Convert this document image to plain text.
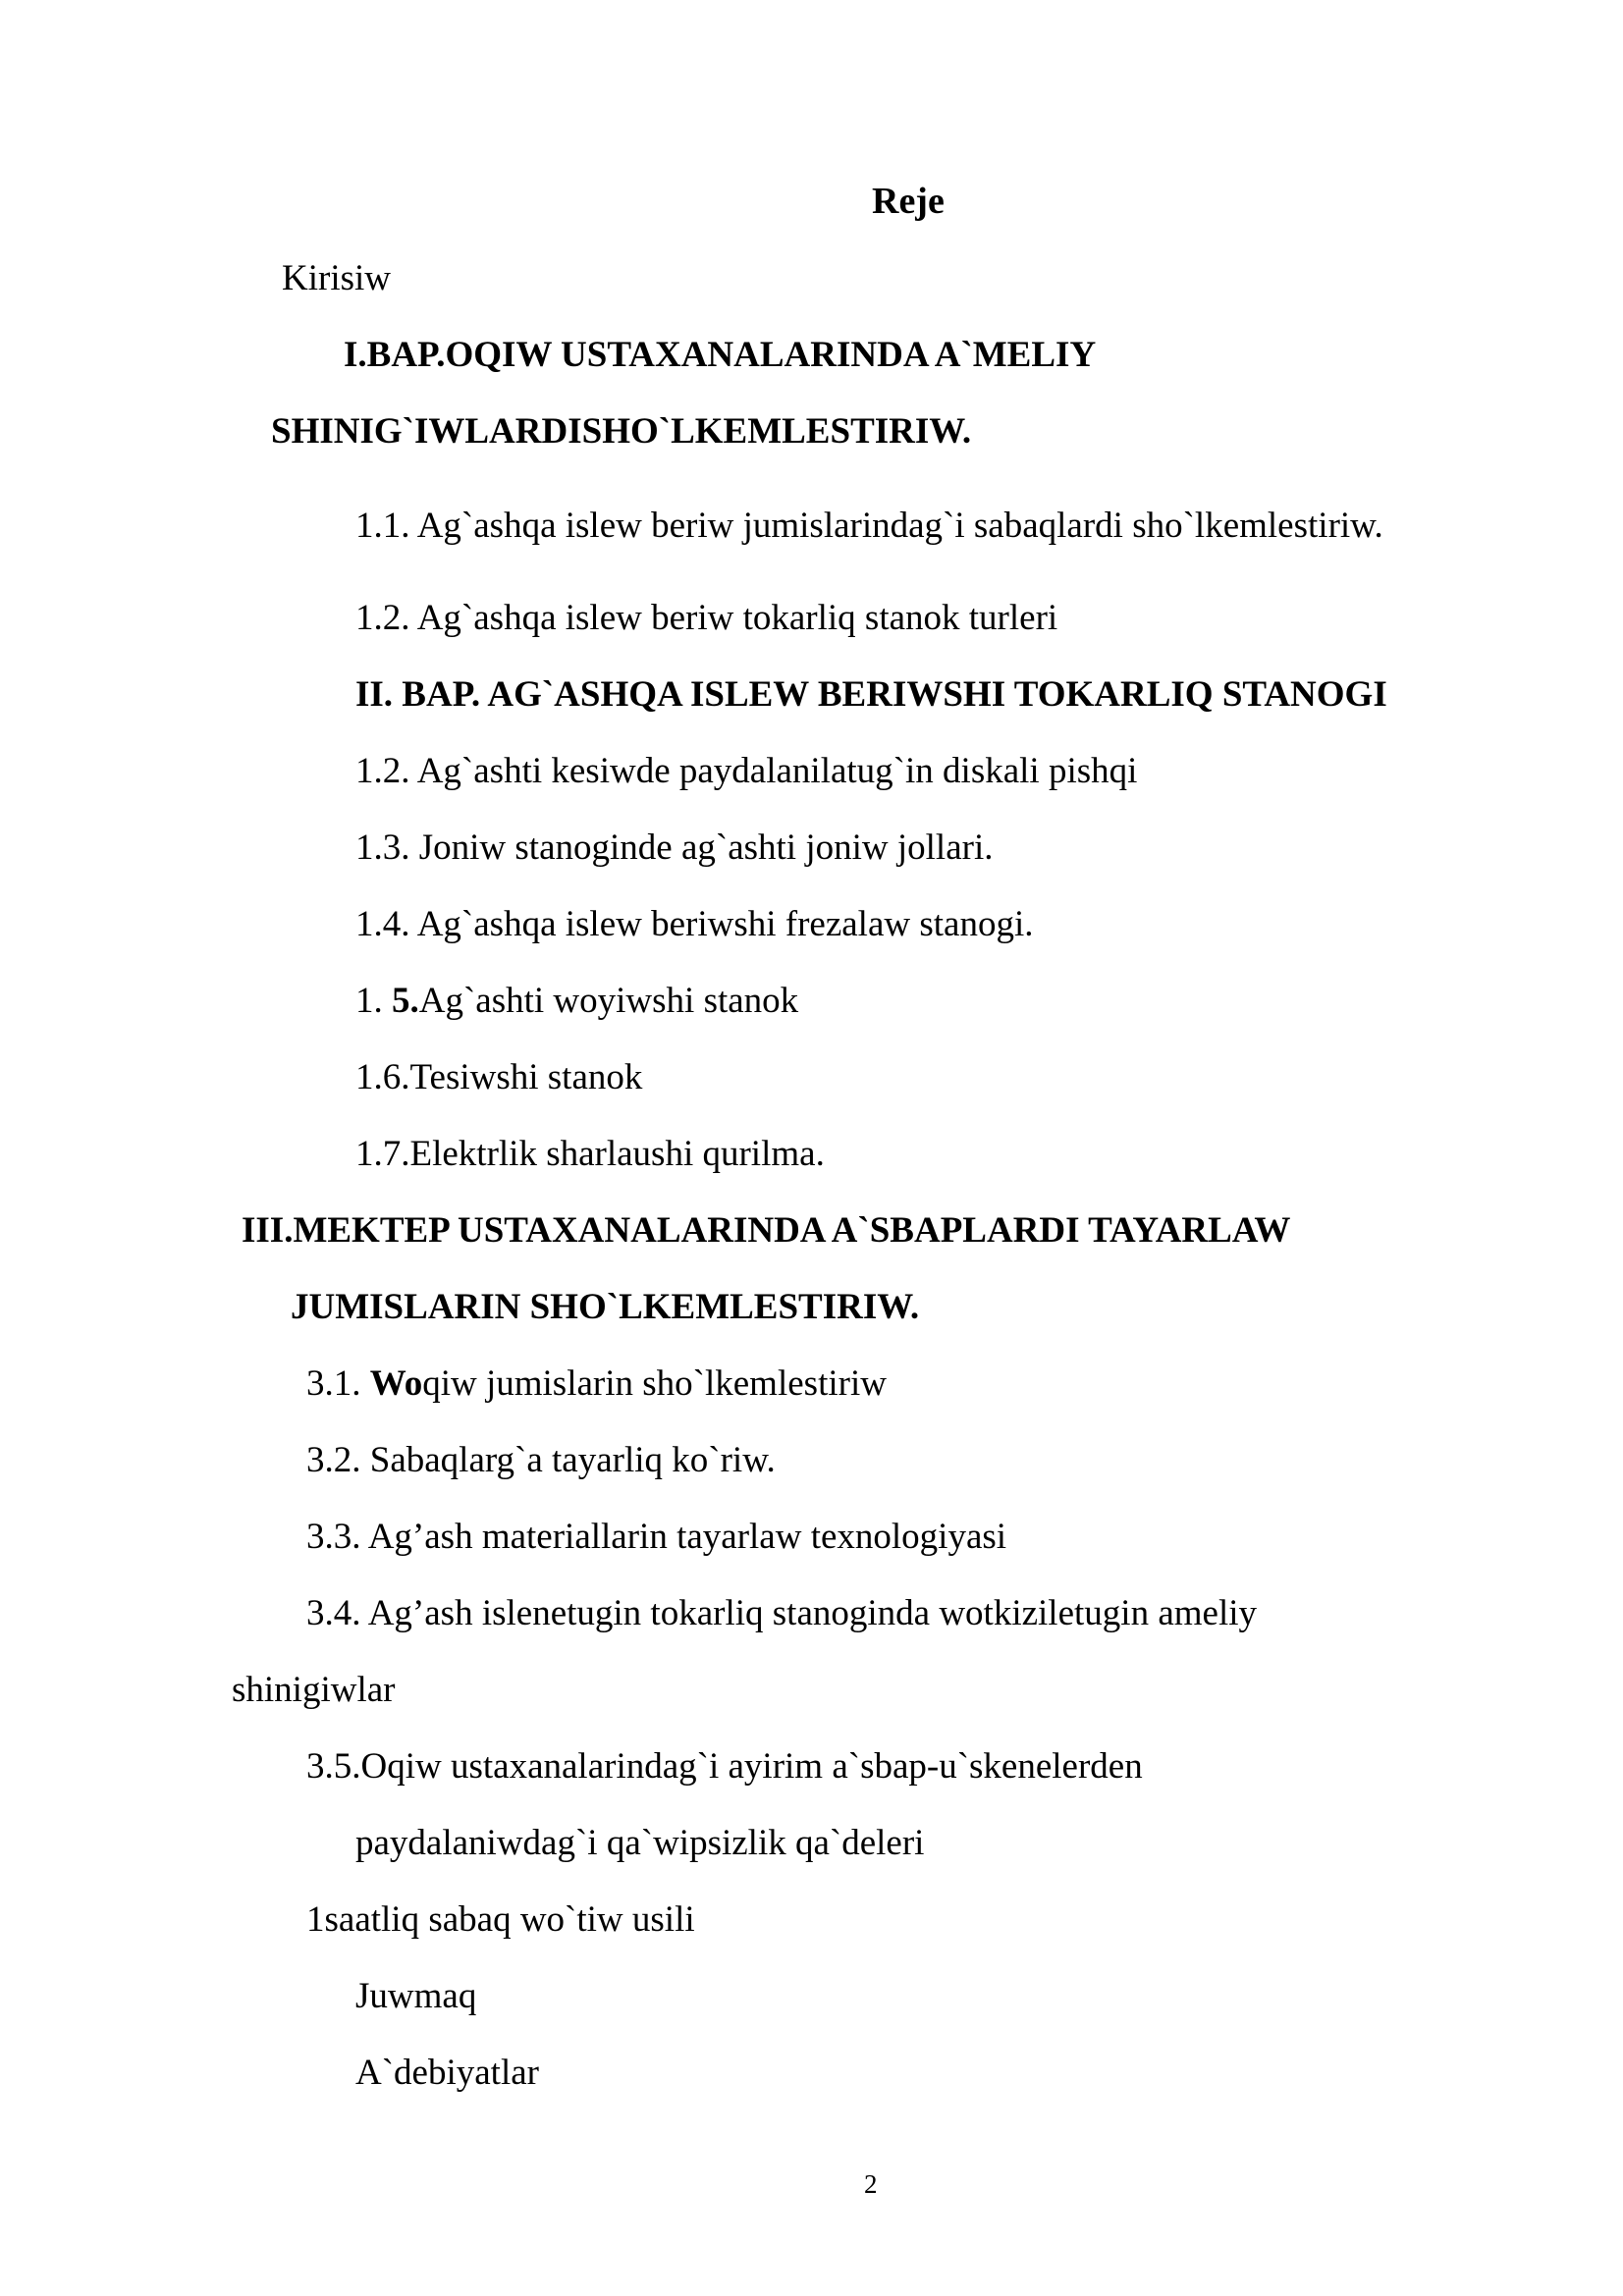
Reje
Kirisiw
I.BAP.OQIW USTAXANALARINDA A`MELIY
SHINIG`IWLARDISHO`LKEMLESTIRIW.
1.1. Ag`ashqa islew beriw jumislarindag`i sabaqlardi sho`lkemlestiriw.
1.2. Ag`ashqa islew beriw tokarliq stanok turleri
II. BAP. AG`ASHQA ISLEW BERIWSHI TOKARLIQ STANOGI
1.2. Ag`ashti kesiwde paydalanilatug`in diskali pishqi
1.3. Joniw stanoginde ag`ashti joniw jollari.
1.4. Ag`ashqa islew beriwshi frezalaw stanogi.
1. 5.Ag`ashti woyiwshi stanok
1.6.Tesiwshi stanok
1.7.Elektrlik sharlaushi qurilma.
III.MEKTEP USTAXANALARINDA A`SBAPLARDI TAYARLAW
JUMISLARIN SHO`LKEMLESTIRIW.
3.1. Woqiw jumislarin sho`lkemlestiriw
3.2. Sabaqlarg`a tayarliq ko`riw.
3.3. Ag’ash materiallarin tayarlaw texnologiyasi
3.4. Ag’ash islenetugin tokarliq stanoginda wotkiziletugin ameliy
shinigiwlar
3.5.Oqiw ustaxanalarindag`i ayirim a`sbap-u`skenelerden
paydalaniwdag`i qa`wipsizlik qa`deleri
1saatliq sabaq wo`tiw usili
Juwmaq
A`debiyatlar
2
